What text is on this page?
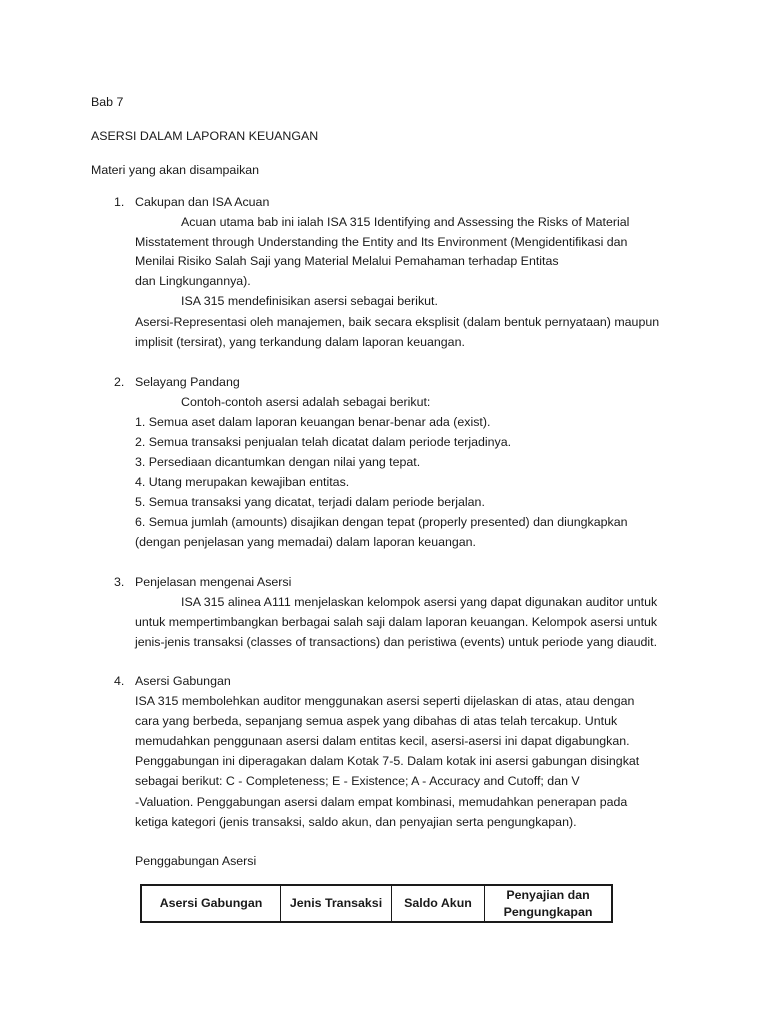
Bab 7
ASERSI DALAM LAPORAN KEUANGAN
Materi yang akan disampaikan
1. Cakupan dan ISA Acuan
Acuan utama bab ini ialah ISA 315 Identifying and Assessing the Risks of Material
Misstatement through Understanding the Entity and Its Environment (Mengidentifikasi dan
Menilai Risiko Salah Saji yang Material Melalui Pemahaman terhadap Entitas
dan Lingkungannya).
ISA 315 mendefinisikan asersi sebagai berikut.
Asersi-Representasi oleh manajemen, baik secara eksplisit (dalam bentuk pernyataan) maupun
implisit (tersirat), yang terkandung dalam laporan keuangan.
2. Selayang Pandang
Contoh-contoh asersi adalah sebagai berikut:
1. Semua aset dalam laporan keuangan benar-benar ada (exist).
2. Semua transaksi penjualan telah dicatat dalam periode terjadinya.
3. Persediaan dicantumkan dengan nilai yang tepat.
4. Utang merupakan kewajiban entitas.
5. Semua transaksi yang dicatat, terjadi dalam periode berjalan.
6. Semua jumlah (amounts) disajikan dengan tepat (properly presented) dan diungkapkan
(dengan penjelasan yang memadai) dalam laporan keuangan.
3. Penjelasan mengenai Asersi
ISA 315 alinea A111 menjelaskan kelompok asersi yang dapat digunakan auditor untuk
untuk mempertimbangkan berbagai salah saji dalam laporan keuangan. Kelompok asersi untuk
jenis-jenis transaksi (classes of transactions) dan peristiwa (events) untuk periode yang diaudit.
4. Asersi Gabungan
ISA 315 membolehkan auditor menggunakan asersi seperti dijelaskan di atas, atau dengan
cara yang berbeda, sepanjang semua aspek yang dibahas di atas telah tercakup. Untuk
memudahkan penggunaan asersi dalam entitas kecil, asersi-asersi ini dapat digabungkan.
Penggabungan ini diperagakan dalam Kotak 7-5. Dalam kotak ini asersi gabungan disingkat
sebagai berikut: C - Completeness; E - Existence; A - Accuracy and Cutoff; dan V
-Valuation. Penggabungan asersi dalam empat kombinasi, memudahkan penerapan pada
ketiga kategori (jenis transaksi, saldo akun, dan penyajian serta pengungkapan).
Penggabungan Asersi
Asersi Gabungan	Jenis Transaksi	Saldo Akun
Penyajian dan Pengungkapan
